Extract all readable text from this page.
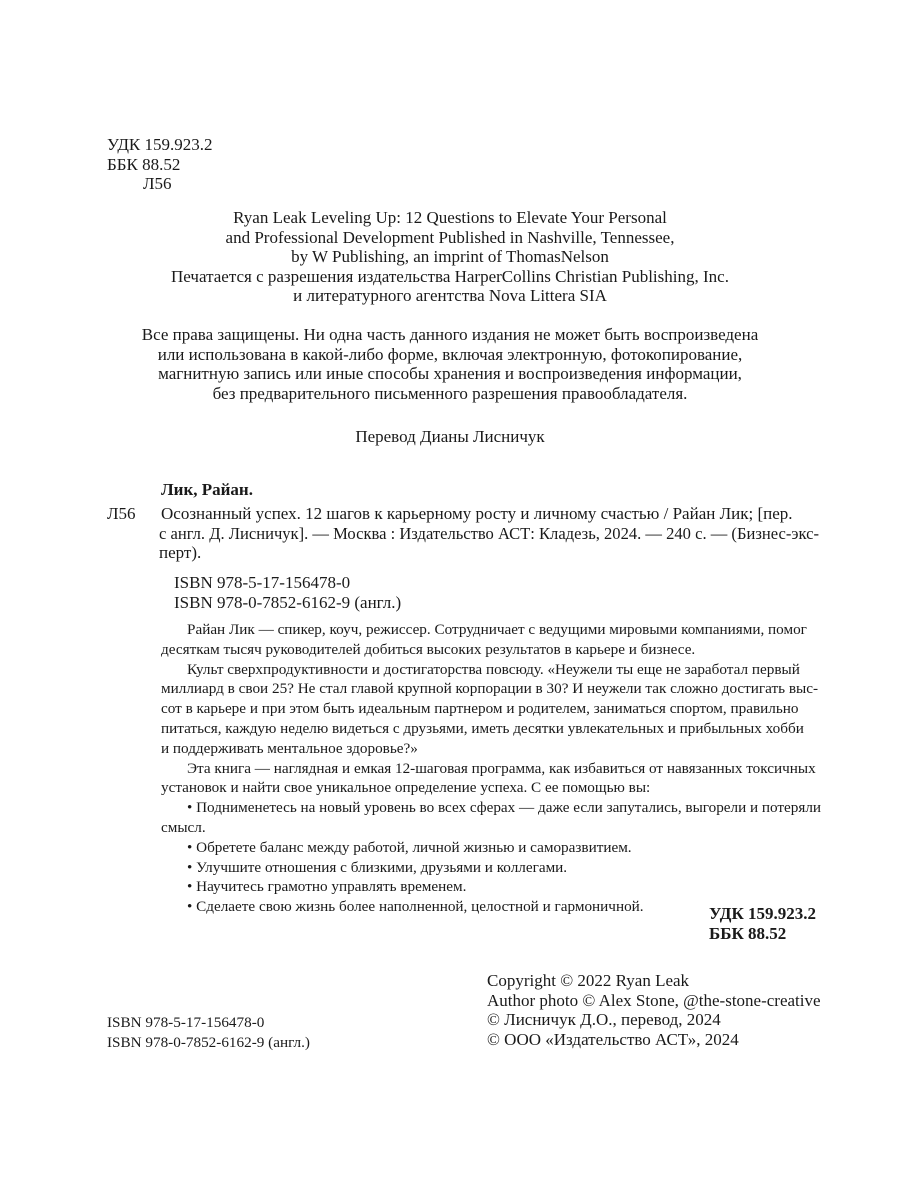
УДК 159.923.2
ББК 88.52
Л56
Ryan Leak Leveling Up: 12 Questions to Elevate Your Personal
and Professional Development Published in Nashville, Tennessee,
by W Publishing, an imprint of ThomasNelson
Печатается с разрешения издательства HarperCollins Christian Publishing, Inc.
и литературного агентства Nova Littera SIA
Все права защищены. Ни одна часть данного издания не может быть воспроизведена
или использована в какой-либо форме, включая электронную, фотокопирование,
магнитную запись или иные способы хранения и воспроизведения информации,
без предварительного письменного разрешения правообладателя.
Перевод Дианы Лисничук
Лик, Райан.
Л56 Осознанный успех. 12 шагов к карьерному росту и личному счастью / Райан Лик; [пер.
с англ. Д. Лисничук]. — Москва : Издательство АСТ: Кладезь, 2024. — 240 с. — (Бизнес-экс-
перт).
ISBN 978-5-17-156478-0
ISBN 978-0-7852-6162-9 (англ.)
Райан Лик — спикер, коуч, режиссер. Сотрудничает с ведущими мировыми компаниями, помог
десяткам тысяч руководителей добиться высоких результатов в карьере и бизнесе.
Культ сверхпродуктивности и достигаторства повсюду. «Неужели ты еще не заработал первый
миллиард в свои 25? Не стал главой крупной корпорации в 30? И неужели так сложно достигать выс-
сот в карьере и при этом быть идеальным партнером и родителем, заниматься спортом, правильно
питаться, каждую неделю видеться с друзьями, иметь десятки увлекательных и прибыльных хобби
и поддерживать ментальное здоровье?»
Эта книга — наглядная и емкая 12-шаговая программа, как избавиться от навязанных токсичных
установок и найти свое уникальное определение успеха. С ее помощью вы:
• Поднименетесь на новый уровень во всех сферах — даже если запутались, выгорели и потеряли
смысл.
• Обретете баланс между работой, личной жизнью и саморазвитием.
• Улучшите отношения с близкими, друзьями и коллегами.
• Научитесь грамотно управлять временем.
• Сделаете свою жизнь более наполненной, целостной и гармоничной.	УДК 159.923.2
ББК 88.52
ISBN 978-5-17-156478-0
ISBN 978-0-7852-6162-9 (англ.)
Copyright © 2022 Ryan Leak
Author photo © Alex Stone, @the-stone-creative
© Лисничук Д.О., перевод, 2024
© ООО «Издательство АСТ», 2024
